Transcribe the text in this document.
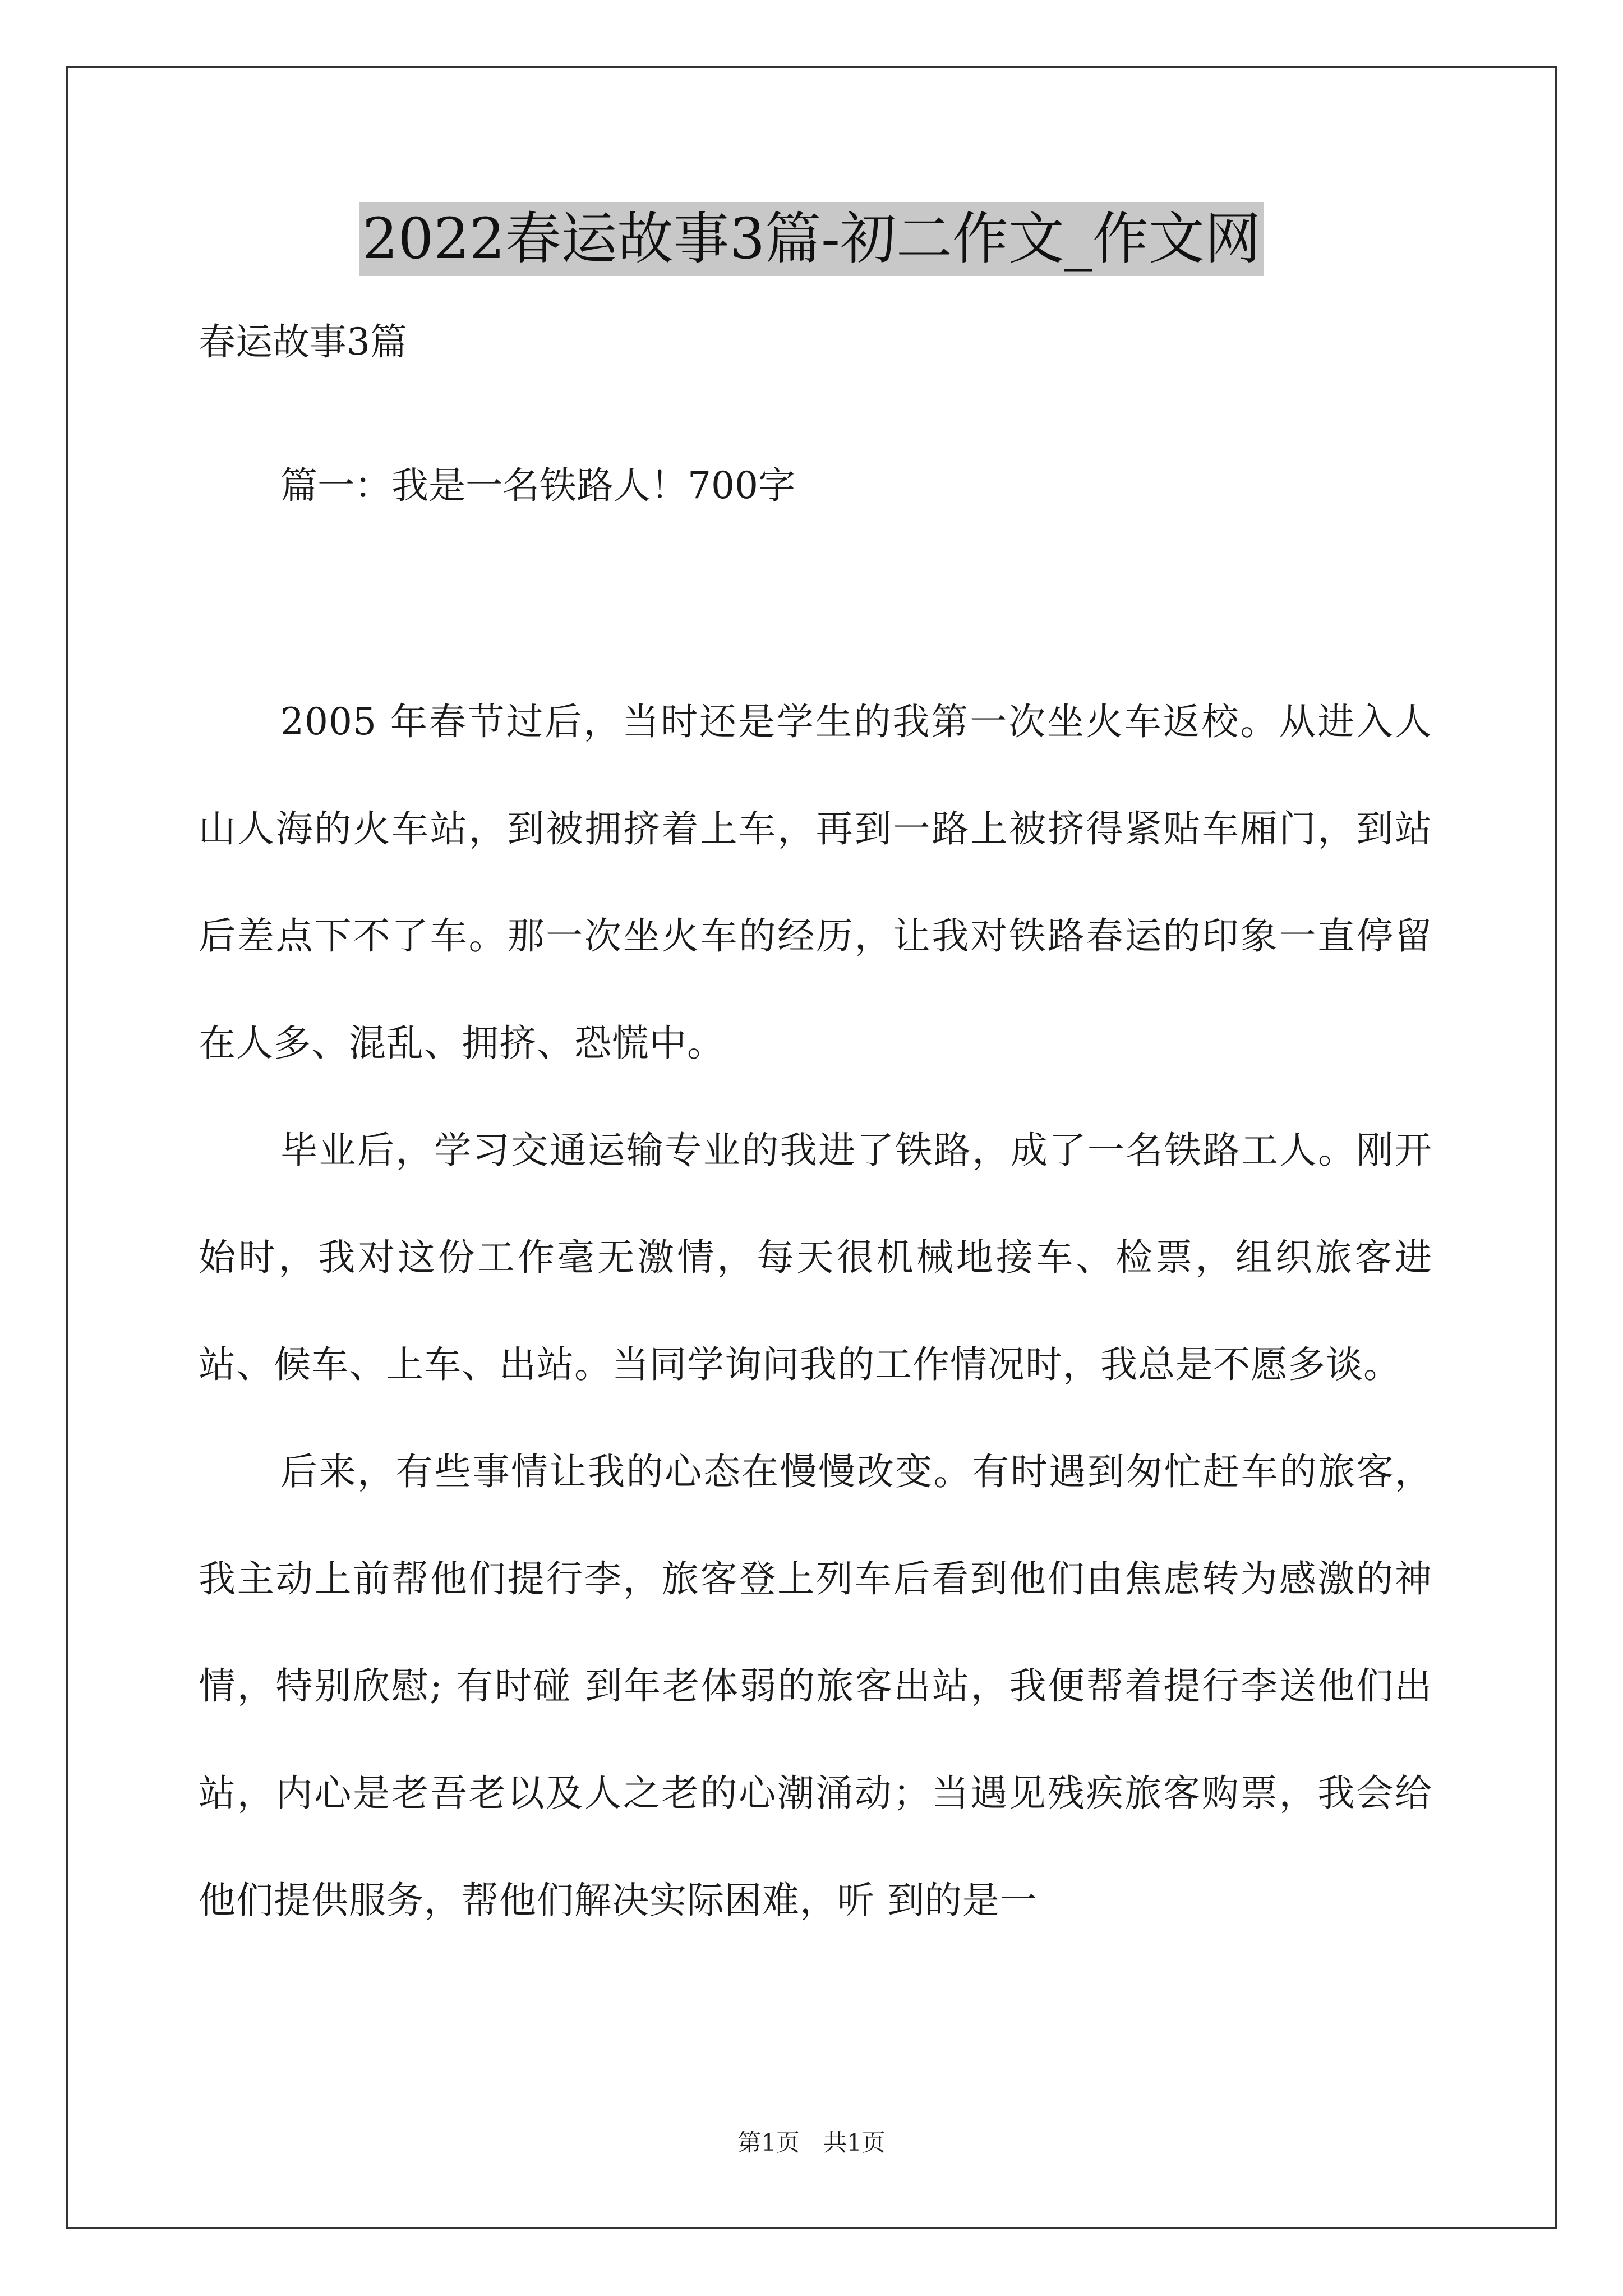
2022春运故事3篇-初二作文_作文网
春运故事3篇
篇一：我是一名铁路人！700字

2005 年春节过后，当时还是学生的我第一次坐火车返校。从进入人山人海的火车站，到被拥挤着上车，再到一路上被挤得紧贴车厢门，到站后差点下不了车。那一次坐火车的经历，让我对铁路春运的印象一直停留在人多、混乱、拥挤、恐慌中。

毕业后，学习交通运输专业的我进了铁路，成了一名铁路工人。刚开始时，我对这份工作毫无激情，每天很机械地接车、检票，组织旅客进站、候车、上车、出站。当同学询问我的工作情况时，我总是不愿多谈。

后来，有些事情让我的心态在慢慢改变。有时遇到匆忙赶车的旅客，我主动上前帮他们提行李，旅客登上列车后看到他们由焦虑转为感激的神情，特别欣慰; 有时碰 到年老体弱的旅客出站，我便帮着提行李送他们出站，内心是老吾老以及人之老的心潮涌动；当遇见残疾旅客购票，我会给他们提供服务，帮他们解决实际困难，听 到的是一

第1页　共1页
